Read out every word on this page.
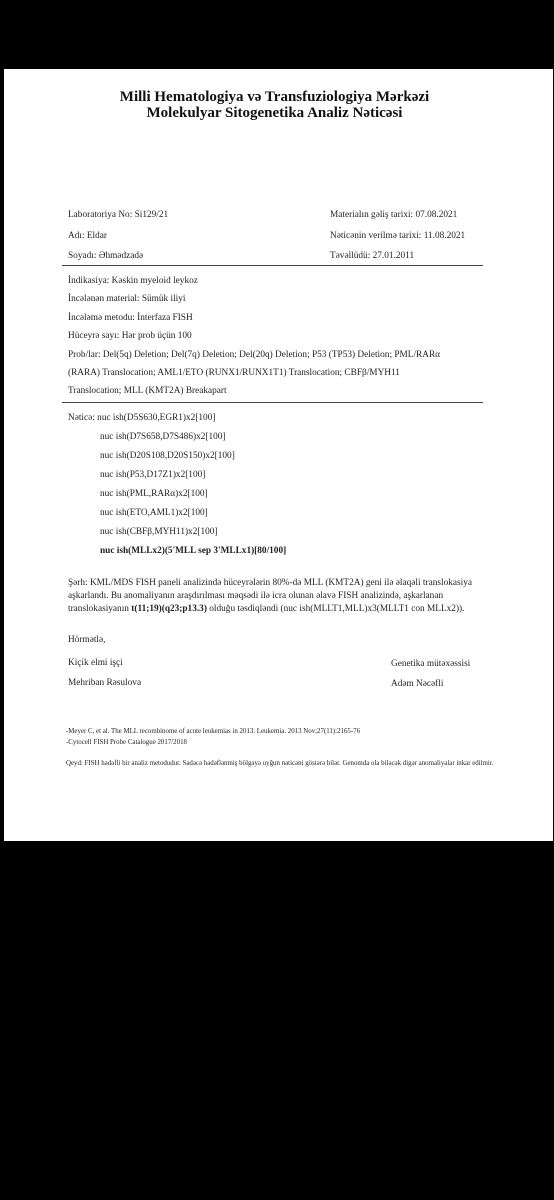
Milli Hematologiya və Transfuziologiya Mərkəzi
Molekulyar Sitogenetika Analiz Nəticəsi
Laboratoriya No: Si129/21
Adı: Eldar
Soyadı: Əhmədzadə
Materialın gəliş tarixi: 07.08.2021
Nəticənin verilmə tarixi: 11.08.2021
Təvəllüdü: 27.01.2011
İndikasiya: Kəskin myeloid leykoz
İncələnən material: Sümük iliyi
İncələmə metodu: İnterfaza FISH
Hüceyrə sayı: Hər prob üçün 100
Prob/lar: Del(5q) Deletion; Del(7q) Deletion; Del(20q) Deletion; P53 (TP53) Deletion; PML/RARα
(RARA) Translocation; AML1/ETO (RUNX1/RUNX1T1) Translocation; CBFβ/MYH11
Translocation; MLL (KMT2A) Breakapart
Nəticə: nuc ish(D5S630,EGR1)x2[100]
nuc ish(D7S658,D7S486)x2[100]
nuc ish(D20S108,D20S150)x2[100]
nuc ish(P53,D17Z1)x2[100]
nuc ish(PML,RARα)x2[100]
nuc ish(ETO,AML1)x2[100]
nuc ish(CBFβ,MYH11)x2[100]
nuc ish(MLLx2)(5'MLL sep 3'MLLx1)[80/100]
Şərh: KML/MDS FISH paneli analizində hüceyrələrin 80%-də MLL (KMT2A) geni ilə əlaqəli translokasiya
aşkarlandı. Bu anomaliyanın araşdırılması məqsədi ilə icra olunan əlavə FISH analizində, aşkarlanan
translokasiyanın t(11;19)(q23;p13.3) olduğu təsdiqləndi (nuc ish(MLLT1,MLL)x3(MLLT1 con MLLx2)).
Hörmətlə,
Kiçik elmi işçi
Mehriban Rəsulova
Genetika mütəxəssisi
Adəm Nəcəfli
-Meyer C, et al. The MLL recombinome of acute leukemias in 2013. Leukemia. 2013 Nov;27(11):2165-76
-Cytocell FISH Probe Catalogue 2017/2018
Qeyd: FISH hədəfli bir analiz metodudur. Sadəcə hədəflənmiş bölgəyə uyğun nəticəni göstərə bilər. Genomda ola biləcək digər anomaliyalar inkar edilmir.
